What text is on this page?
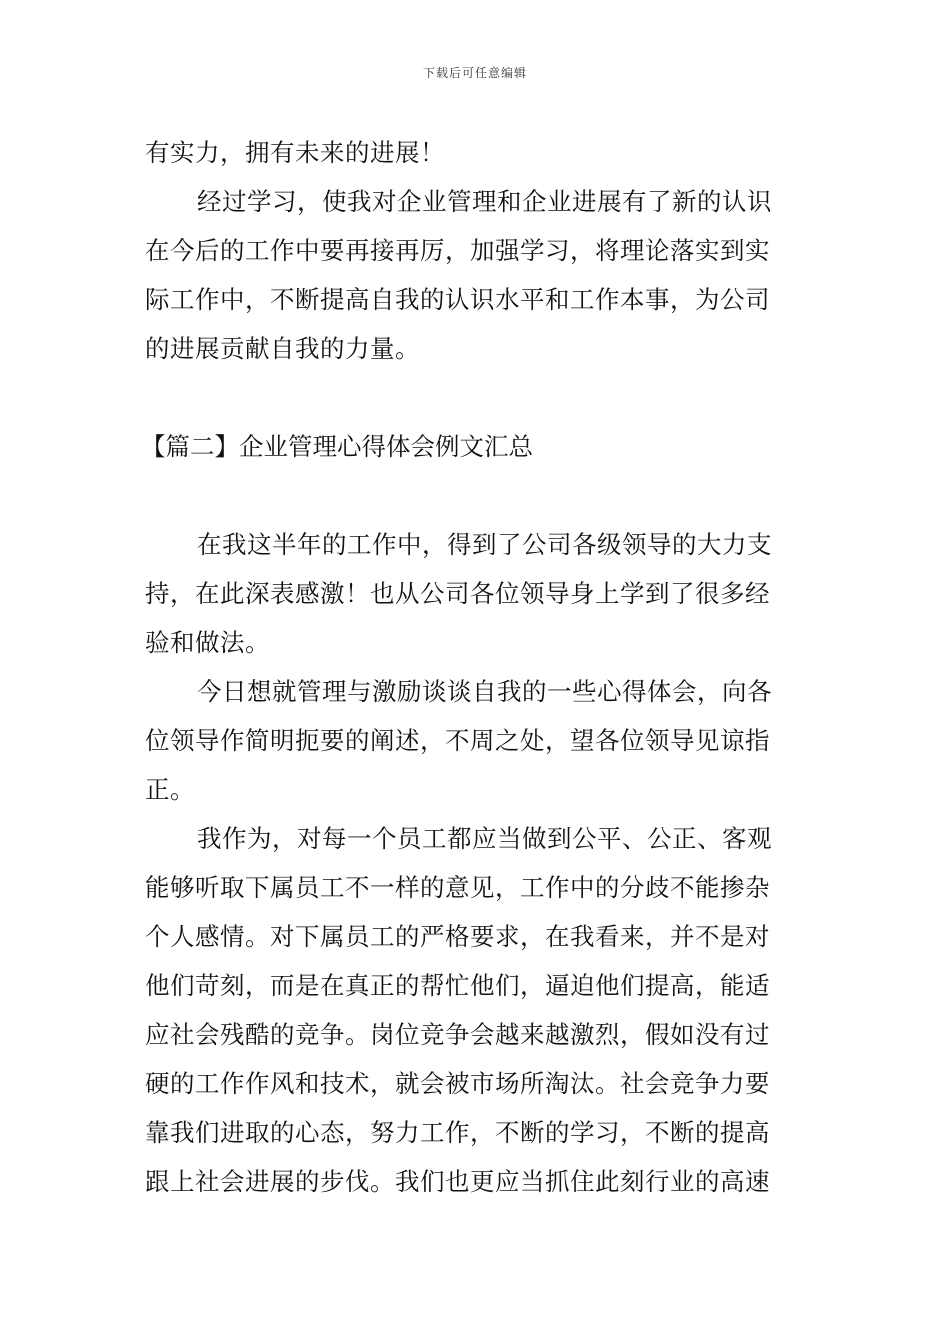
下载后可任意编辑
有实力，拥有未来的进展！
经过学习，使我对企业管理和企业进展有了新的认识
在今后的工作中要再接再厉，加强学习，将理论落实到实
际工作中，不断提高自我的认识水平和工作本事，为公司
的进展贡献自我的力量。
【篇二】企业管理心得体会例文汇总
在我这半年的工作中，得到了公司各级领导的大力支
持，在此深表感激！也从公司各位领导身上学到了很多经
验和做法。
今日想就管理与激励谈谈自我的一些心得体会，向各
位领导作简明扼要的阐述，不周之处，望各位领导见谅指
正。
我作为，对每一个员工都应当做到公平、公正、客观
能够听取下属员工不一样的意见，工作中的分歧不能掺杂
个人感情。对下属员工的严格要求，在我看来，并不是对
他们苛刻，而是在真正的帮忙他们，逼迫他们提高，能适
应社会残酷的竞争。岗位竞争会越来越激烈，假如没有过
硬的工作作风和技术，就会被市场所淘汰。社会竞争力要
靠我们进取的心态，努力工作，不断的学习，不断的提高
跟上社会进展的步伐。我们也更应当抓住此刻行业的高速
